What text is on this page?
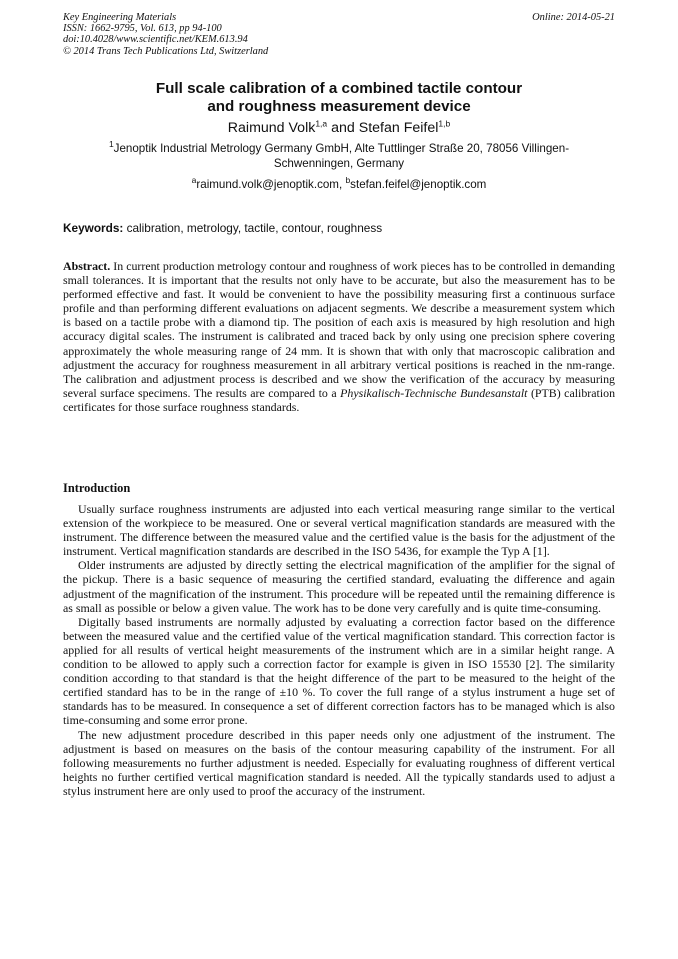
Key Engineering Materials
ISSN: 1662-9795, Vol. 613, pp 94-100
doi:10.4028/www.scientific.net/KEM.613.94
© 2014 Trans Tech Publications Ltd, Switzerland
Online: 2014-05-21
Full scale calibration of a combined tactile contour
and roughness measurement device
Raimund Volk$^{1,a}$ and Stefan Feifel$^{1,b}$
$^1$Jenoptik Industrial Metrology Germany GmbH, Alte Tuttlinger Straße 20, 78056 Villingen-Schwenningen, Germany
$^a$raimund.volk@jenoptik.com, $^b$stefan.feifel@jenoptik.com
Keywords: calibration, metrology, tactile, contour, roughness
Abstract. In current production metrology contour and roughness of work pieces has to be controlled in demanding small tolerances. It is important that the results not only have to be accurate, but also the measurement has to be performed effective and fast. It would be convenient to have the possibility measuring first a continuous surface profile and than performing different evaluations on adjacent segments. We describe a measurement system which is based on a tactile probe with a diamond tip. The position of each axis is measured by high resolution and high accuracy digital scales. The instrument is calibrated and traced back by only using one precision sphere covering approximately the whole measuring range of 24 mm. It is shown that with only that macroscopic calibration and adjustment the accuracy for roughness measurement in all arbitrary vertical positions is reached in the nm-range. The calibration and adjustment process is described and we show the verification of the accuracy by measuring several surface specimens. The results are compared to a Physikalisch-Technische Bundesanstalt (PTB) calibration certificates for those surface roughness standards.
Introduction

Usually surface roughness instruments are adjusted into each vertical measuring range similar to the vertical extension of the workpiece to be measured. One or several vertical magnification standards are measured with the instrument. The difference between the measured value and the certified value is the basis for the adjustment of the instrument. Vertical magnification standards are described in the ISO 5436, for example the Typ A [1].

Older instruments are adjusted by directly setting the electrical magnification of the amplifier for the signal of the pickup. There is a basic sequence of measuring the certified standard, evaluating the difference and again adjustment of the magnification of the instrument. This procedure will be repeated until the remaining difference is as small as possible or below a given value. The work has to be done very carefully and is quite time-consuming.

Digitally based instruments are normally adjusted by evaluating a correction factor based on the difference between the measured value and the certified value of the vertical magnification standard. This correction factor is applied for all results of vertical height measurements of the instrument which are in a similar height range. A condition to be allowed to apply such a correction factor for example is given in ISO 15530 [2]. The similarity condition according to that standard is that the height difference of the part to be measured to the height of the certified standard has to be in the range of ±10 %. To cover the full range of a stylus instrument a huge set of standards has to be measured. In consequence a set of different correction factors has to be managed which is also time-consuming and some error prone.

The new adjustment procedure described in this paper needs only one adjustment of the instrument. The adjustment is based on measures on the basis of the contour measuring capability of the instrument. For all following measurements no further adjustment is needed. Especially for evaluating roughness of different vertical heights no further certified vertical magnification standard is needed. All the typically standards used to adjust a stylus instrument here are only used to proof the accuracy of the instrument.
